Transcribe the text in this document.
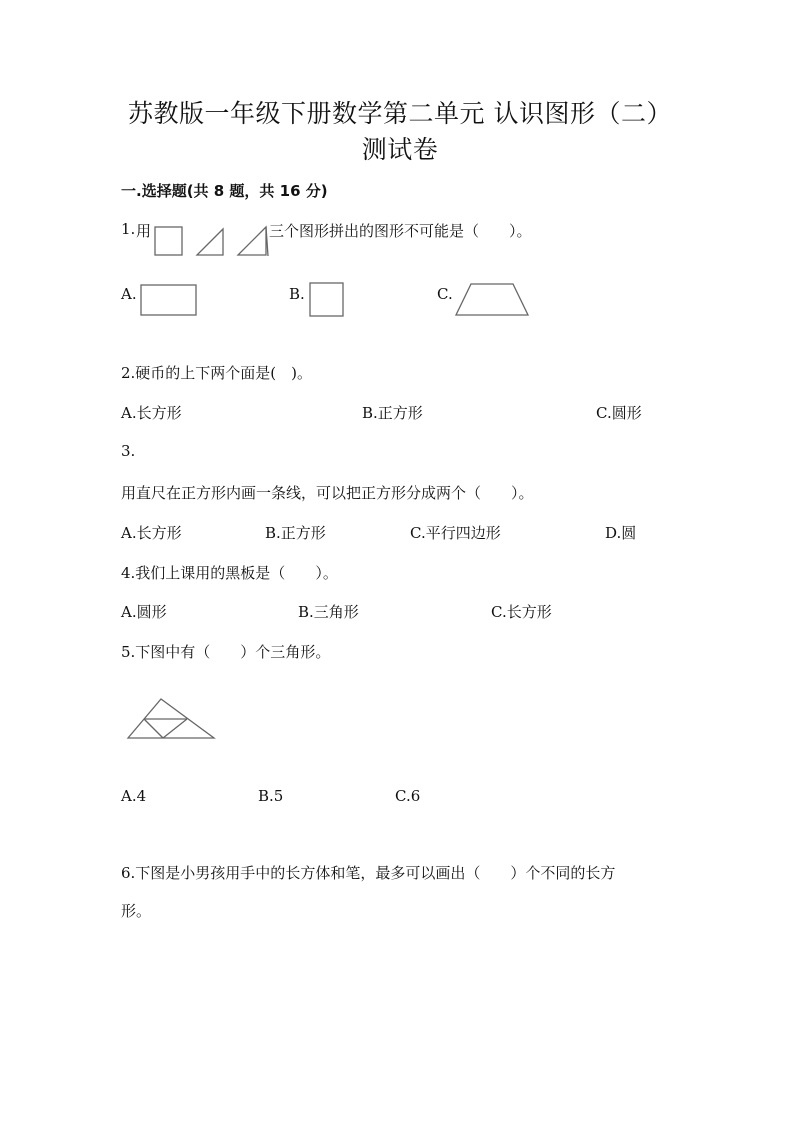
苏教版一年级下册数学第二单元 认识图形（二）
测试卷
一.选择题(共 8 题，共 16 分)
1. 用	三个图形拼出的图形不可能是（　　）。
A.	B.	C.
2.硬币的上下两个面是(　)。
A.长方形	B.正方形	C.圆形
3.
用直尺在正方形内画一条线，可以把正方形分成两个（　　）。
A.长方形	B.正方形	C.平行四边形	D.圆
4.我们上课用的黑板是（　　）。
A.圆形	B.三角形	C.长方形
5.下图中有（　　）个三角形。
A.4	B.5	C.6
6.下图是小男孩用手中的长方体和笔，最多可以画出（　　）个不同的长方
形。
